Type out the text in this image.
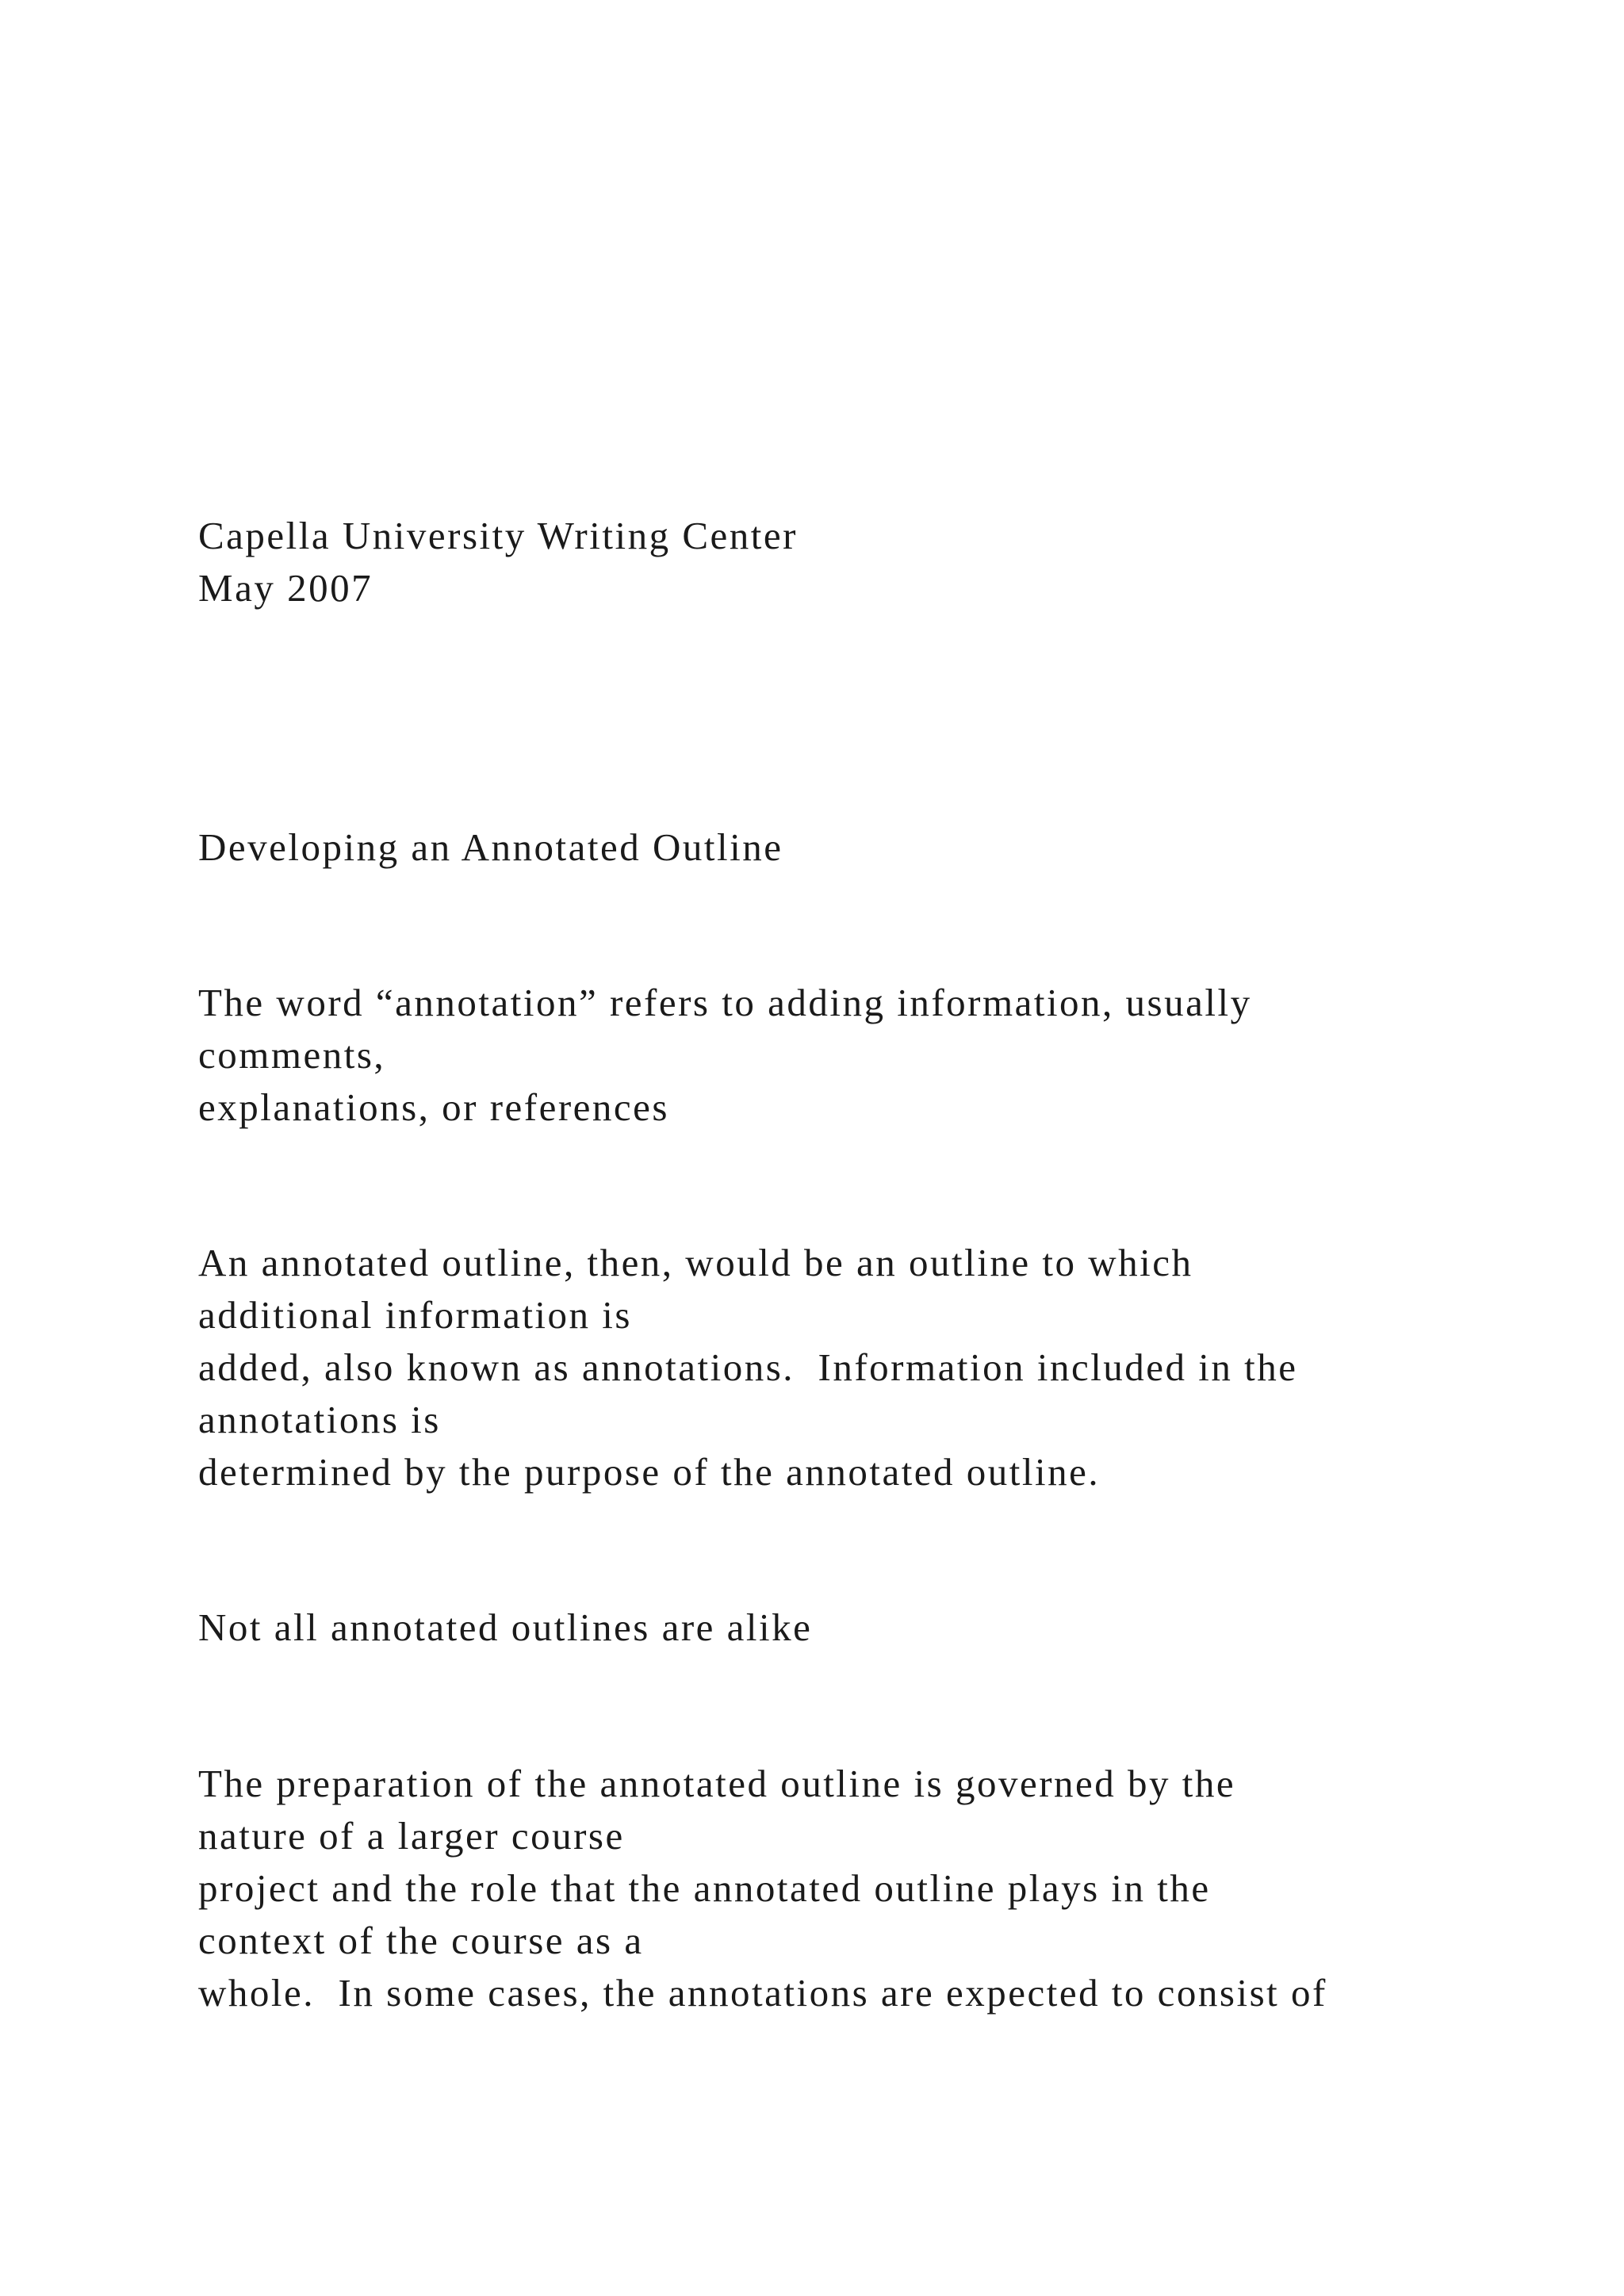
Capella University Writing Center
May 2007
Developing an Annotated Outline
The word “annotation” refers to adding information, usually
comments,
explanations, or references
An annotated outline, then, would be an outline to which
additional information is
added, also known as annotations.  Information included in the
annotations is
determined by the purpose of the annotated outline.
Not all annotated outlines are alike
The preparation of the annotated outline is governed by the
nature of a larger course
project and the role that the annotated outline plays in the
context of the course as a
whole.  In some cases, the annotations are expected to consist of
